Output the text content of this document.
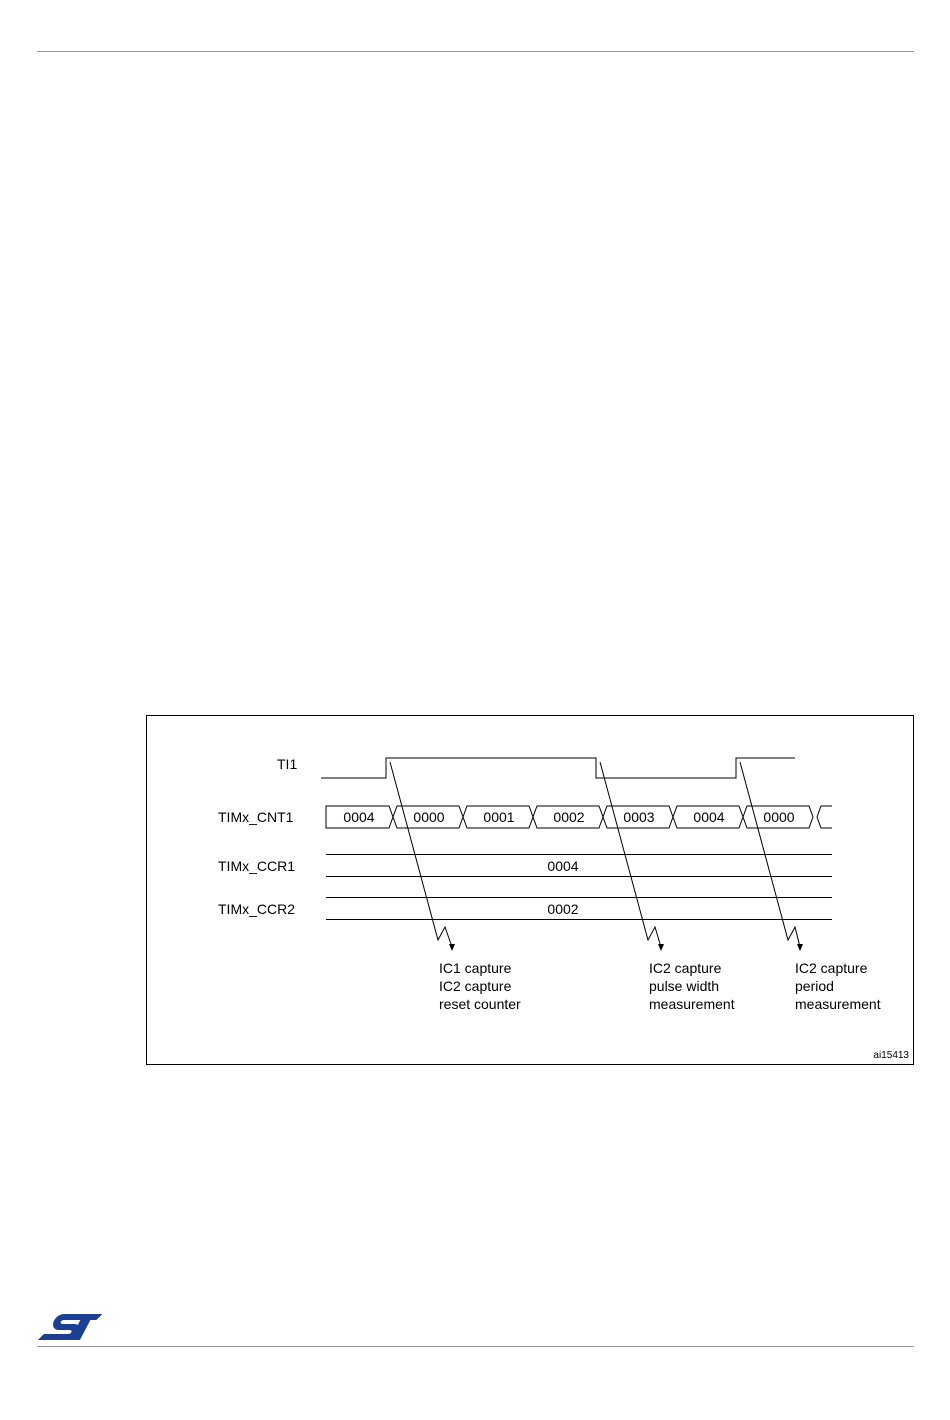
TI1
TIMx_CNT1
TIMx_CCR1
TIMx_CCR2
0004	0000	0001	0002	0003	0004	0000
0004
0002
IC1 capture
IC2 capture
reset counter
IC2 capture
pulse width
measurement
IC2 capture
period
measurement
ai15413
